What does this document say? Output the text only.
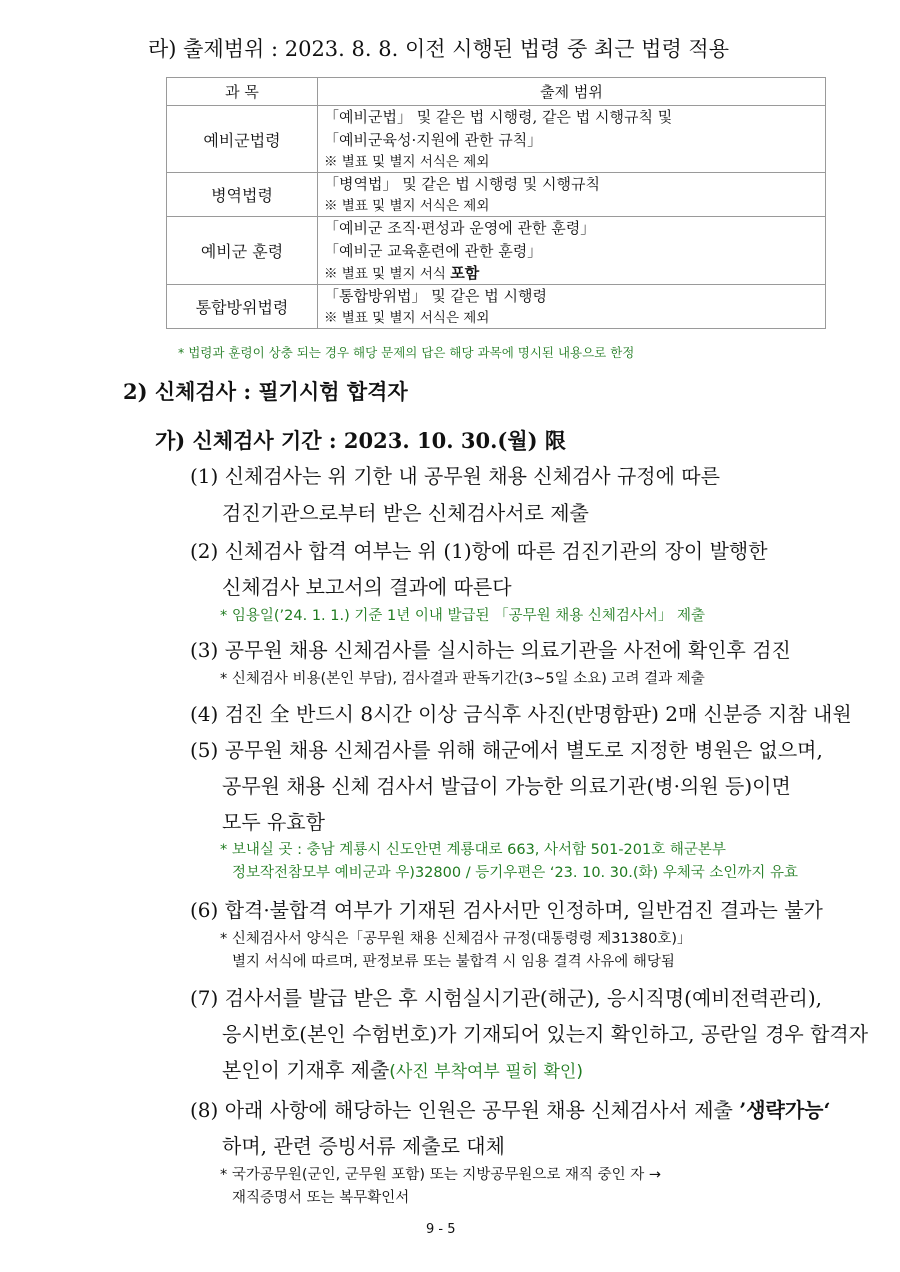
라) 출제범위 : 2023. 8. 8. 이전 시행된 법령 중 최근 법령 적용
과 목	출제 범위
예비군법령	「예비군법」 및 같은 법 시행령, 같은 법 시행규칙 및
「예비군육성·지원에 관한 규칙」
※ 별표 및 별지 서식은 제외

병역법령	「병역법」 및 같은 법 시행령 및 시행규칙
※ 별표 및 별지 서식은 제외

예비군 훈령	「예비군 조직·편성과 운영에 관한 훈령」
「예비군 교육훈련에 관한 훈령」
※ 별표 및 별지 서식 포함

통합방위법령	「통합방위법」 및 같은 법 시행령
※ 별표 및 별지 서식은 제외
* 법령과 훈령이 상충 되는 경우 해당 문제의 답은 해당 과목에 명시된 내용으로 한정
2) 신체검사 : 필기시험 합격자
가) 신체검사 기간 : 2023. 10. 30.(월) 限
(1) 신체검사는 위 기한 내 공무원 채용 신체검사 규정에 따른
검진기관으로부터 받은 신체검사서로 제출
(2) 신체검사 합격 여부는 위 (1)항에 따른 검진기관의 장이 발행한
신체검사 보고서의 결과에 따른다
* 임용일(’24. 1. 1.) 기준 1년 이내 발급된 「공무원 채용 신체검사서」 제출
(3) 공무원 채용 신체검사를 실시하는 의료기관을 사전에 확인후 검진
* 신체검사 비용(본인 부담), 검사결과 판독기간(3~5일 소요) 고려 결과 제출
(4) 검진 全 반드시 8시간 이상 금식후 사진(반명함판) 2매 신분증 지참 내원
(5) 공무원 채용 신체검사를 위해 해군에서 별도로 지정한 병원은 없으며,
공무원 채용 신체 검사서 발급이 가능한 의료기관(병·의원 등)이면
모두 유효함
* 보내실 곳 : 충남 계룡시 신도안면 계룡대로 663, 사서함 501-201호 해군본부
정보작전참모부 예비군과 우)32800 / 등기우편은 ‘23. 10. 30.(화) 우체국 소인까지 유효
(6) 합격·불합격 여부가 기재된 검사서만 인정하며, 일반검진 결과는 불가
* 신체검사서 양식은「공무원 채용 신체검사 규정(대통령령 제31380호)」
별지 서식에 따르며, 판정보류 또는 불합격 시 임용 결격 사유에 해당됨
(7) 검사서를 발급 받은 후 시험실시기관(해군), 응시직명(예비전력관리),
응시번호(본인 수험번호)가 기재되어 있는지 확인하고, 공란일 경우 합격자
본인이 기재후 제출(사진 부착여부 필히 확인)
(8) 아래 사항에 해당하는 인원은 공무원 채용 신체검사서 제출 ’생략가능‘
하며, 관련 증빙서류 제출로 대체
* 국가공무원(군인, 군무원 포함) 또는 지방공무원으로 재직 중인 자 →
재직증명서 또는 복무확인서
9 - 5
